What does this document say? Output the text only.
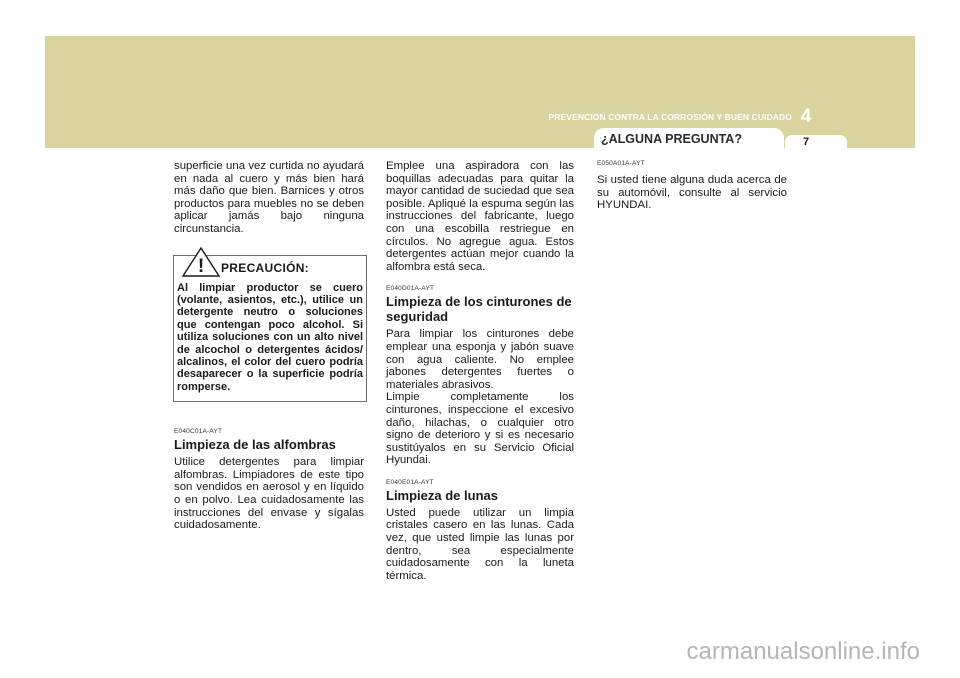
PREVENCION CONTRA LA CORROSIÓN Y BUEN CUIDADO 4
¿ALGUNA PREGUNTA?	7

superficie una vez curtida no ayudará en nada al cuero y más bien hará más daño que bien. Barnices y otros productos para muebles no se deben aplicar jamás bajo ninguna circunstancia.

! PRECAUCIÓN:

Al limpiar productor se cuero (volante, asientos, etc.), utilice un detergente neutro o soluciones que contengan poco alcohol. Si utiliza soluciones con un alto nivel de alcochol o detergentes ácidos/ alcalinos, el color del cuero podría desaparecer o la superficie podría romperse.

E040C01A-AYT

Limpieza de las alfombras

Utilice detergentes para limpiar alfombras. Limpiadores de este tipo son vendidos en aerosol y en líquido o en polvo. Lea cuidadosamente las instrucciones del envase y sígalas cuidadosamente.

Emplee una aspiradora con las boquillas adecuadas para quitar la mayor cantidad de suciedad que sea posible. Apliqué la espuma según las instrucciones del fabricante, luego con una escobilla restriegue en círculos. No agregue agua. Estos detergentes actúan mejor cuando la alfombra está seca.

E040D01A-AYT

Limpieza de los cinturones de seguridad

Para limpiar los cinturones debe emplear una esponja y jabón suave con agua caliente. No emplee jabones detergentes fuertes o materiales abrasivos.

Limpie completamente los cinturones, inspeccione el excesivo daño, hilachas, o cualquier otro signo de deterioro y si es necesario sustitúyalos en su Servicio Oficial Hyundai.

E040E01A-AYT

Limpieza de lunas

Usted puede utilizar un limpia cristales casero en las lunas. Cada vez, que usted limpie las lunas por dentro, sea especialmente cuidadosamente con la luneta térmica.

E050A01A-AYT

Si usted tiene alguna duda acerca de su automóvil, consulte al servicio HYUNDAI.

carmanualsonline.info
